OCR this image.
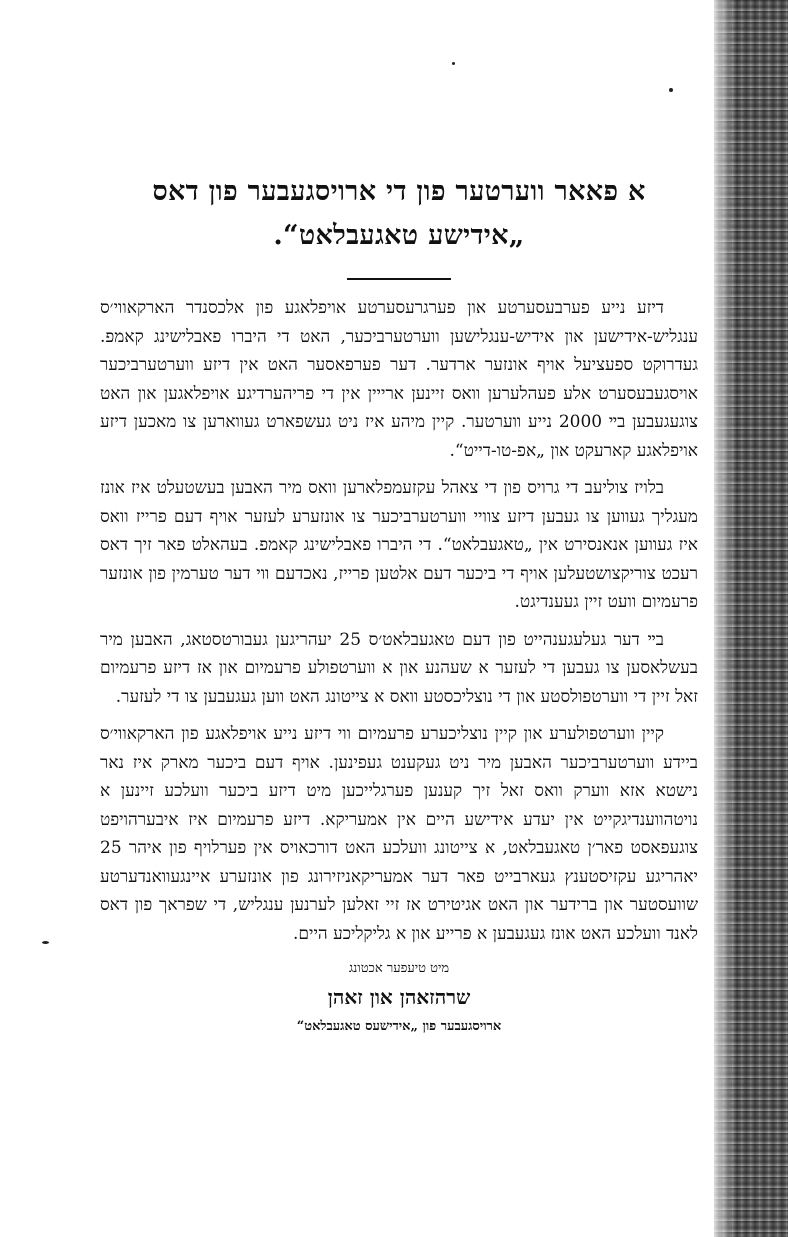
א פאאר ווערטער פון די ארויסגעבער פון דאס
„אידישע טאגעבלאט“.

דיזע נייע פערבעסערטע און פערגרעסערטע אויפלאגע פון אלכסנדר הארקאווי׳ס ענגליש-אידישען און אידיש-ענגלישען ווערטערביכער, האט די היברו פאבלישינג קאמפ. געדרוקט ספעציעל אויף אונזער ארדער. דער פערפאסער האט אין דיזע ווערטערביכער אויסגעבעסערט אלע פעהלערען וואס זיינען ארייין אין די פריהערדיגע אויפלאגען און האט צוגעגעבען בײ 2000 נייע ווערטער. קיין מיהע איז ניט געשפארט געווארען צו מאכען דיזע אויפלאגע קארעקט און „אפ-טו-דייט“.

בלויז צוליעב די גרויס פון די צאהל עקזעמפלארען וואס מיר האבען בעשטעלט איז אונז מעגליך געווען צו געבען דיזע צוויי ווערטערביכער צו אונזערע לעזער אויף דעם פרייז וואס איז געווען אנאנסירט אין „טאגעבלאט“. די היברו פאבלישינג קאמפ. בעהאלט פאר זיך דאס רעכט צוריקצושטעלען אויף די ביכער דעם אלטען פרייז, נאכדעם ווי דער טערמין פון אונזער פרעמיום וועט זיין געענדיגט.

בײ דער געלעגענהייט פון דעם טאגעבלאט׳ס 25 יעהריגען געבורטסטאג, האבען מיר בעשלאסען צו געבען די לעזער א שעהנע און א ווערטפולע פרעמיום און אז דיזע פרעמיום זאל זיין די ווערטפולסטע און די נוצליכסטע וואס א צייטונג האט ווען געגעבען צו די לעזער.

קיין ווערטפולערע און קיין נוצליכערע פרעמיום ווי דיזע נייע אויפלאגע פון הארקאווי׳ס ביידע ווערטערביכער האבען מיר ניט געקענט געפינען. אויף דעם ביכער מארק איז נאר נישטא אזא ווערק וואס זאל זיך קענען פערגלייכען מיט דיזע ביכער וועלכע זיינען א נויטהווענדיגקייט אין יעדע אידישע היים אין אמעריקא. דיזע פרעמיום איז איבערהויפט צוגעפאסט פאר׳ן טאגעבלאט, א צייטונג וועלכע האט דורכאויס אין פערלויף פון איהר 25 יאהריגע עקזיסטענץ געארבייט פאר דער אמעריקאניזירונג פון אונזערע איינגעוואנדערטע שוועסטער און ברידער און האט אגיטירט אז זיי זאלען לערנען ענגליש, די שפראך פון דאס לאנד וועלכע האט אונז געגעבען א פרייע און א גליקליכע היים.

מיט טיעפער אכטונג
שרהזאהן און זאהן
ארויסגעבער פון „אידישעס טאגעבלאט“
